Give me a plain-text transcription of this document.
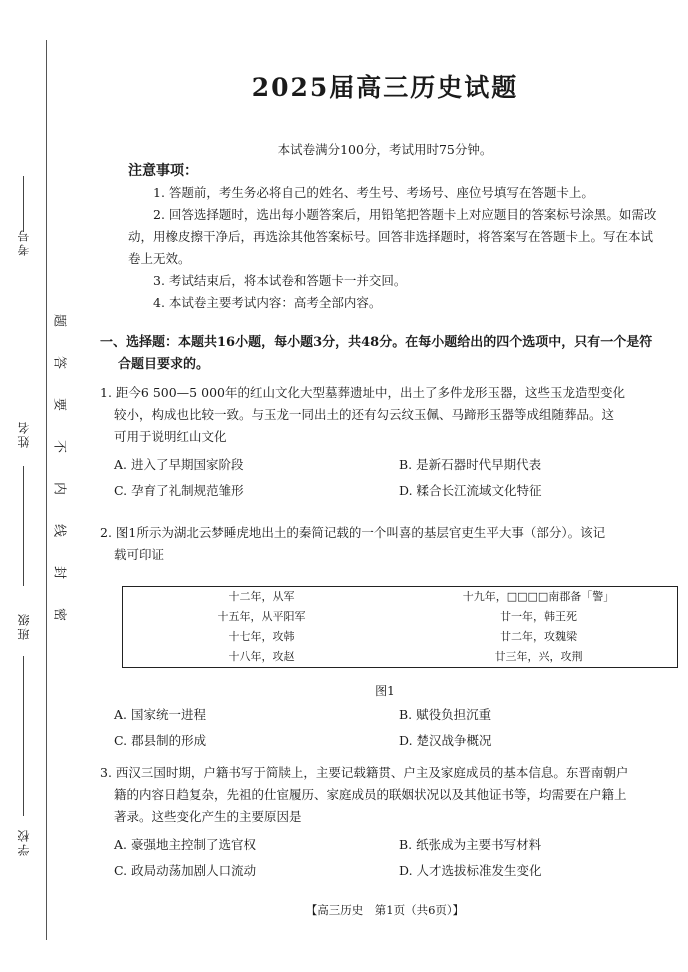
考号
姓名
班级
学校
题
答
要
不
内
线
封
密
2025届高三历史试题
本试卷满分100分，考试用时75分钟。
注意事项：

1. 答题前，考生务必将自己的姓名、考生号、考场号、座位号填写在答题卡上。

2. 回答选择题时，选出每小题答案后，用铅笔把答题卡上对应题目的答案标号涂黑。如需改动，用橡皮擦干净后，再选涂其他答案标号。回答非选择题时，将答案写在答题卡上。写在本试卷上无效。

3. 考试结束后，将本试卷和答题卡一并交回。

4. 本试卷主要考试内容：高考全部内容。

一、选择题：本题共16小题，每小题3分，共48分。在每小题给出的四个选项中，只有一个是符
合题目要求的。

1. 距今6 500—5 000年的红山文化大型墓葬遗址中，出土了多件龙形玉器，这些玉龙造型变化

较小，构成也比较一致。与玉龙一同出土的还有勾云纹玉佩、马蹄形玉器等成组随葬品。这

可用于说明红山文化

A. 进入了早期国家阶段	B. 是新石器时代早期代表
C. 孕育了礼制规范雏形	D. 糅合长江流域文化特征

2. 图1所示为湖北云梦睡虎地出土的秦简记载的一个叫喜的基层官吏生平大事（部分）。该记

载可印证

十二年，从军	十九年，□□□□南郡备「警」
十五年，从平阳军	廿一年，韩王死
十七年，攻韩	廿二年，攻魏梁
十八年，攻赵	廿三年，兴，攻荆
图1
A. 国家统一进程	B. 赋役负担沉重
C. 郡县制的形成	D. 楚汉战争概况

3. 西汉三国时期，户籍书写于简牍上，主要记载籍贯、户主及家庭成员的基本信息。东晋南朝户

籍的内容日趋复杂，先祖的仕宦履历、家庭成员的联姻状况以及其他证书等，均需要在户籍上

著录。这些变化产生的主要原因是

A. 豪强地主控制了选官权	B. 纸张成为主要书写材料
C. 政局动荡加剧人口流动	D. 人才选拔标准发生变化
【高三历史　第1页（共6页）】
